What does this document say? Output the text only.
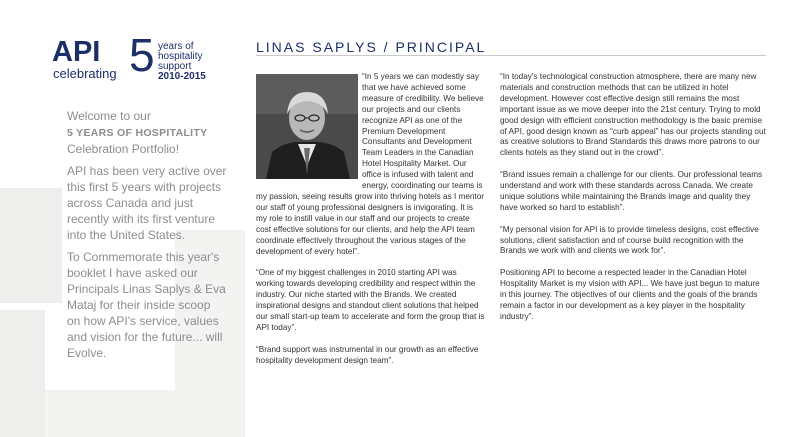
API
celebrating 5 years of
hospitality
support
2010-2015

Welcome to our
5 YEARS OF HOSPITALITY
Celebration Portfolio!

API has been very active over this first 5 years with projects across Canada and just recently with its first venture into the United States.

To Commemorate this year's booklet I have asked our Principals Linas Saplys & Eva Mataj for their inside scoop on how API's service, values and vision for the future... will Evolve.

LINAS SAPLYS / PRINCIPAL

“In 5 years we can modestly say that we have achieved some measure of credibility. We believe our projects and our clients recognize API as one of the Premium Development Consultants and Development Team Leaders in the Canadian Hotel Hospitality Market. Our office is infused with talent and energy, coordinating our teams is my passion, seeing results grow into thriving hotels as I mentor our staff of young professional designers is invigorating. It is my role to instill value in our staff and our projects to create cost effective solutions for our clients, and help the API team coordinate effectively throughout the various stages of the development of every hotel”.

“One of my biggest challenges in 2010 starting API was working towards developing credibility and respect within the industry. Our niche started with the Brands. We created inspirational designs and standout client solutions that helped our small start-up team to accelerate and form the group that is API today”.

“Brand support was instrumental in our growth as an effective hospitality development design team”.

“In today's technological construction atmosphere, there are many new materials and construction methods that can be utilized in hotel development. However cost effective design still remains the most important issue as we move deeper into the 21st century. Trying to mold good design with efficient construction methodology is the basic premise of API, good design known as “curb appeal” has our projects standing out as creative solutions to Brand Standards this draws more patrons to our clients hotels as they stand out in the crowd”.

“Brand issues remain a challenge for our clients. Our professional teams understand and work with these standards across Canada. We create unique solutions while maintaining the Brands image and quality they have worked so hard to establish”.

“My personal vision for API is to provide timeless designs, cost effective solutions, client satisfaction and of course build recognition with the Brands we work with and clients we work for”.

Positioning API to become a respected leader in the Canadian Hotel Hospitality Market is my vision with API... We have just begun to mature in this journey. The objectives of our clients and the goals of the brands remain a factor in our development as a key player in the hospitality industry”.
